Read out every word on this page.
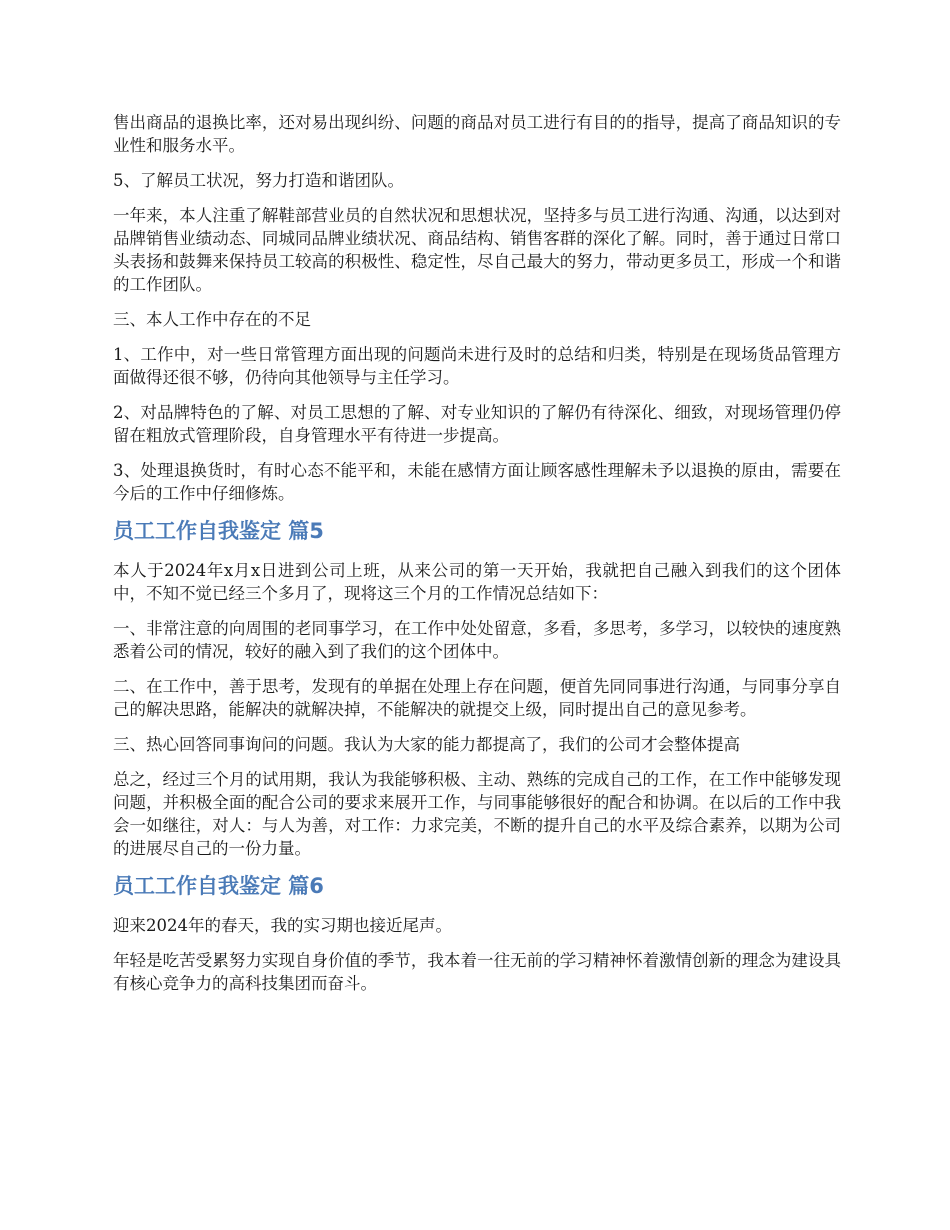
售出商品的退换比率，还对易出现纠纷、问题的商品对员工进行有目的的指导，提高了商品知识的专业性和服务水平。

5、了解员工状况，努力打造和谐团队。

一年来，本人注重了解鞋部营业员的自然状况和思想状况，坚持多与员工进行沟通、沟通，以达到对品牌销售业绩动态、同城同品牌业绩状况、商品结构、销售客群的深化了解。同时，善于通过日常口头表扬和鼓舞来保持员工较高的积极性、稳定性，尽自己最大的努力，带动更多员工，形成一个和谐的工作团队。

三、本人工作中存在的不足

1、工作中，对一些日常管理方面出现的问题尚未进行及时的总结和归类，特别是在现场货品管理方面做得还很不够，仍待向其他领导与主任学习。

2、对品牌特色的了解、对员工思想的了解、对专业知识的了解仍有待深化、细致，对现场管理仍停留在粗放式管理阶段，自身管理水平有待进一步提高。

3、处理退换货时，有时心态不能平和，未能在感情方面让顾客感性理解未予以退换的原由，需要在今后的工作中仔细修炼。

员工工作自我鉴定 篇5

本人于2024年x月x日进到公司上班，从来公司的第一天开始，我就把自己融入到我们的这个团体中，不知不觉已经三个多月了，现将这三个月的工作情况总结如下：

一、非常注意的向周围的老同事学习，在工作中处处留意，多看，多思考，多学习，以较快的速度熟悉着公司的情况，较好的融入到了我们的这个团体中。

二、在工作中，善于思考，发现有的单据在处理上存在问题，便首先同同事进行沟通，与同事分享自己的解决思路，能解决的就解决掉，不能解决的就提交上级，同时提出自己的意见参考。

三、热心回答同事询问的问题。我认为大家的能力都提高了，我们的公司才会整体提高

总之，经过三个月的试用期，我认为我能够积极、主动、熟练的完成自己的工作，在工作中能够发现问题，并积极全面的配合公司的要求来展开工作，与同事能够很好的配合和协调。在以后的工作中我会一如继往，对人：与人为善，对工作：力求完美，不断的提升自己的水平及综合素养，以期为公司的进展尽自己的一份力量。

员工工作自我鉴定 篇6

迎来2024年的春天，我的实习期也接近尾声。

年轻是吃苦受累努力实现自身价值的季节，我本着一往无前的学习精神怀着激情创新的理念为建设具有核心竞争力的高科技集团而奋斗。
